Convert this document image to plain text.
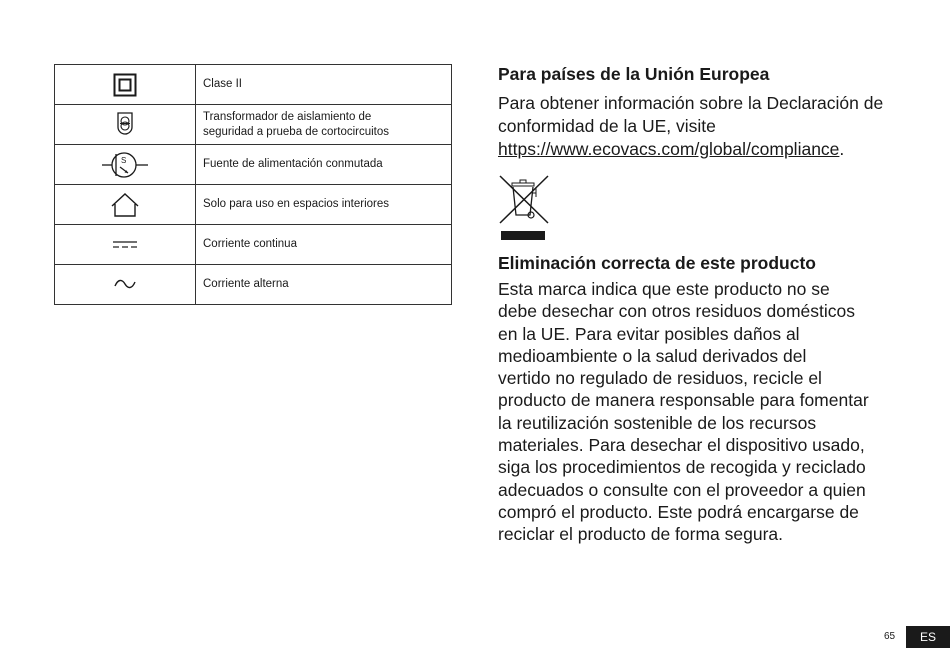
	Clase II
	Transformador de aislamiento de
seguridad a prueba de cortocircuitos

S	Fuente de alimentación conmutada
	Solo para uso en espacios interiores
	Corriente continua
	Corriente alterna
Para países de la Unión Europea

Para obtener información sobre la Declaración de conformidad de la UE, visite https://www.ecovacs.com/global/compliance.

Eliminación correcta de este producto
Esta marca indica que este producto no se
debe desechar con otros residuos domésticos
en la UE. Para evitar posibles daños al
medioambiente o la salud derivados del
vertido no regulado de residuos, recicle el
producto de manera responsable para fomentar
la reutilización sostenible de los recursos
materiales. Para desechar el dispositivo usado,
siga los procedimientos de recogida y reciclado
adecuados o consulte con el proveedor a quien
compró el producto. Este podrá encargarse de
reciclar el producto de forma segura.
65	ES
